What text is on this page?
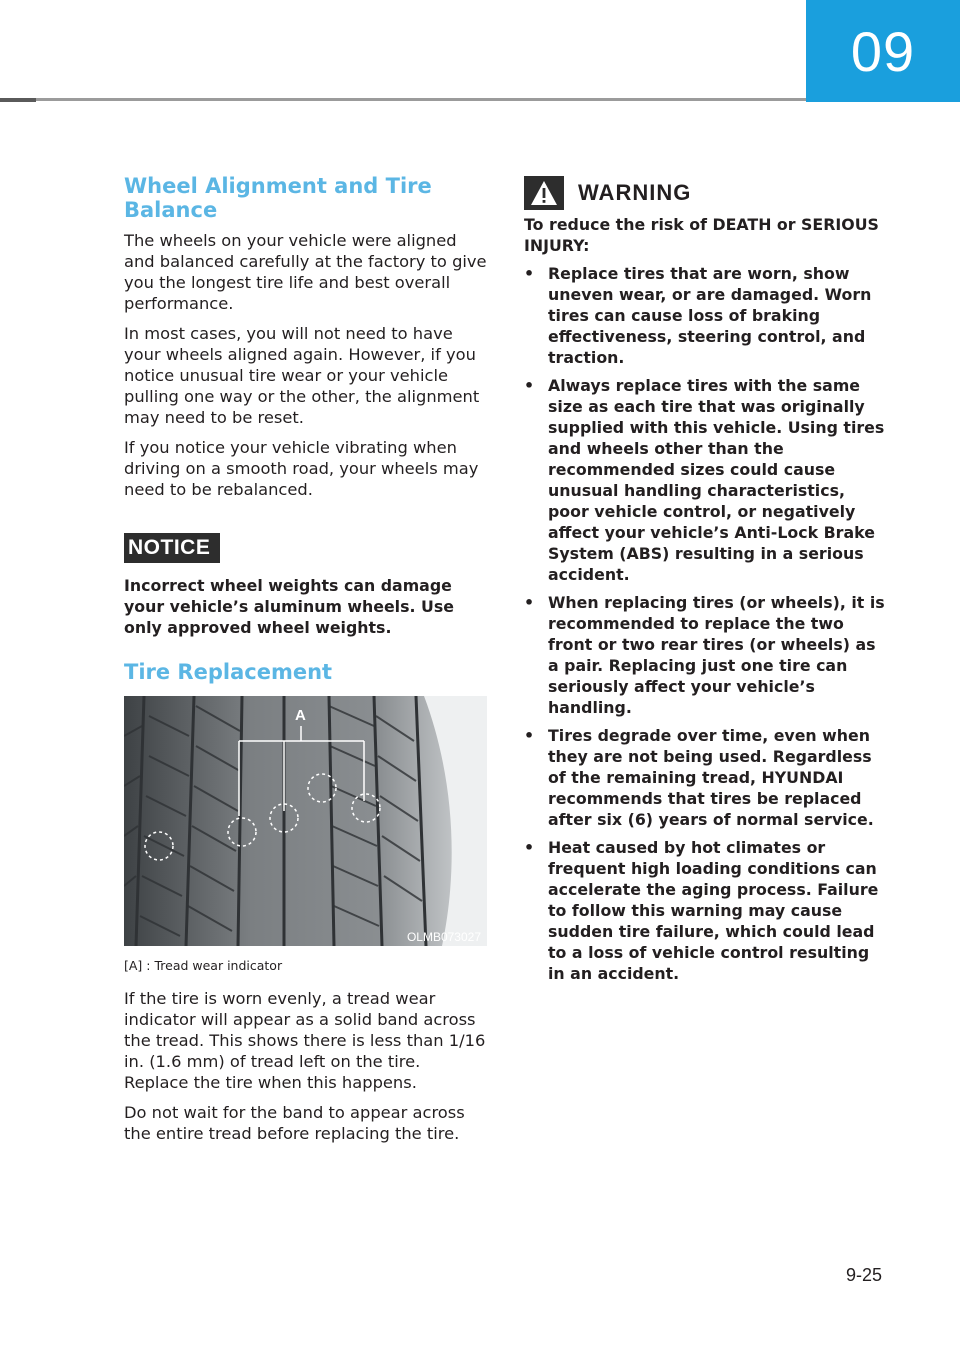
09
Wheel Alignment and Tire Balance

The wheels on your vehicle were aligned and balanced carefully at the factory to give you the longest tire life and best overall performance.

In most cases, you will not need to have your wheels aligned again. However, if you notice unusual tire wear or your vehicle pulling one way or the other, the alignment may need to be reset.

If you notice your vehicle vibrating when driving on a smooth road, your wheels may need to be rebalanced.

NOTICE

Incorrect wheel weights can damage your vehicle’s aluminum wheels. Use only approved wheel weights.

Tire Replacement
A
OLMB073027

[A] : Tread wear indicator

If the tire is worn evenly, a tread wear indicator will appear as a solid band across the tread. This shows there is less than 1/16 in. (1.6 mm) of tread left on the tire. Replace the tire when this happens.

Do not wait for the band to appear across the entire tread before replacing the tire.

WARNING

To reduce the risk of DEATH or SERIOUS INJURY:

• Replace tires that are worn, show uneven wear, or are damaged. Worn tires can cause loss of braking effectiveness, steering control, and traction.
• Always replace tires with the same size as each tire that was originally supplied with this vehicle. Using tires and wheels other than the recommended sizes could cause unusual handling characteristics, poor vehicle control, or negatively affect your vehicle’s Anti-Lock Brake System (ABS) resulting in a serious accident.
• When replacing tires (or wheels), it is recommended to replace the two front or two rear tires (or wheels) as a pair. Replacing just one tire can seriously affect your vehicle’s handling.
• Tires degrade over time, even when they are not being used. Regardless of the remaining tread, HYUNDAI recommends that tires be replaced after six (6) years of normal service.
• Heat caused by hot climates or frequent high loading conditions can accelerate the aging process. Failure to follow this warning may cause sudden tire failure, which could lead to a loss of vehicle control resulting in an accident.
9-25
